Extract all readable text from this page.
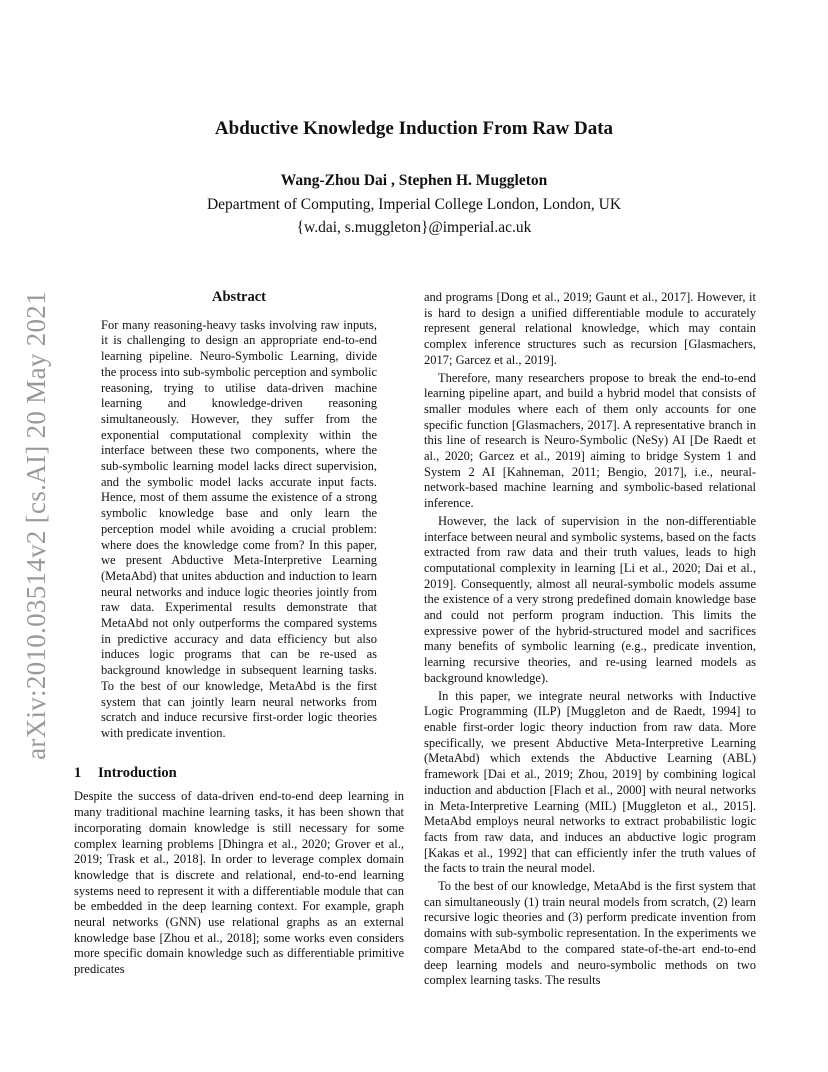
arXiv:2010.03514v2 [cs.AI] 20 May 2021
Abductive Knowledge Induction From Raw Data
Wang-Zhou Dai , Stephen H. Muggleton
Department of Computing, Imperial College London, London, UK
{w.dai, s.muggleton}@imperial.ac.uk
Abstract

For many reasoning-heavy tasks involving raw inputs, it is challenging to design an appropriate end-to-end learning pipeline. Neuro-Symbolic Learning, divide the process into sub-symbolic perception and symbolic reasoning, trying to utilise data-driven machine learning and knowledge-driven reasoning simultaneously. However, they suffer from the exponential computational complexity within the interface between these two components, where the sub-symbolic learning model lacks direct supervision, and the symbolic model lacks accurate input facts. Hence, most of them assume the existence of a strong symbolic knowledge base and only learn the perception model while avoiding a crucial problem: where does the knowledge come from? In this paper, we present Abductive Meta-Interpretive Learning (MetaAbd) that unites abduction and induction to learn neural networks and induce logic theories jointly from raw data. Experimental results demonstrate that MetaAbd not only outperforms the compared systems in predictive accuracy and data efficiency but also induces logic programs that can be re-used as background knowledge in subsequent learning tasks. To the best of our knowledge, MetaAbd is the first system that can jointly learn neural networks from scratch and induce recursive first-order logic theories with predicate invention.

1 Introduction

Despite the success of data-driven end-to-end deep learning in many traditional machine learning tasks, it has been shown that incorporating domain knowledge is still necessary for some complex learning problems [Dhingra et al., 2020; Grover et al., 2019; Trask et al., 2018]. In order to leverage complex domain knowledge that is discrete and relational, end-to-end learning systems need to represent it with a differentiable module that can be embedded in the deep learning context. For example, graph neural networks (GNN) use relational graphs as an external knowledge base [Zhou et al., 2018]; some works even considers more specific domain knowledge such as differentiable primitive predicates

and programs [Dong et al., 2019; Gaunt et al., 2017]. However, it is hard to design a unified differentiable module to accurately represent general relational knowledge, which may contain complex inference structures such as recursion [Glasmachers, 2017; Garcez et al., 2019].

Therefore, many researchers propose to break the end-to-end learning pipeline apart, and build a hybrid model that consists of smaller modules where each of them only accounts for one specific function [Glasmachers, 2017]. A representative branch in this line of research is Neuro-Symbolic (NeSy) AI [De Raedt et al., 2020; Garcez et al., 2019] aiming to bridge System 1 and System 2 AI [Kahneman, 2011; Bengio, 2017], i.e., neural-network-based machine learning and symbolic-based relational inference.

However, the lack of supervision in the non-differentiable interface between neural and symbolic systems, based on the facts extracted from raw data and their truth values, leads to high computational complexity in learning [Li et al., 2020; Dai et al., 2019]. Consequently, almost all neural-symbolic models assume the existence of a very strong predefined domain knowledge base and could not perform program induction. This limits the expressive power of the hybrid-structured model and sacrifices many benefits of symbolic learning (e.g., predicate invention, learning recursive theories, and re-using learned models as background knowledge).

In this paper, we integrate neural networks with Inductive Logic Programming (ILP) [Muggleton and de Raedt, 1994] to enable first-order logic theory induction from raw data. More specifically, we present Abductive Meta-Interpretive Learning (MetaAbd) which extends the Abductive Learning (ABL) framework [Dai et al., 2019; Zhou, 2019] by combining logical induction and abduction [Flach et al., 2000] with neural networks in Meta-Interpretive Learning (MIL) [Muggleton et al., 2015]. MetaAbd employs neural networks to extract probabilistic logic facts from raw data, and induces an abductive logic program [Kakas et al., 1992] that can efficiently infer the truth values of the facts to train the neural model.

To the best of our knowledge, MetaAbd is the first system that can simultaneously (1) train neural models from scratch, (2) learn recursive logic theories and (3) perform predicate invention from domains with sub-symbolic representation. In the experiments we compare MetaAbd to the compared state-of-the-art end-to-end deep learning models and neuro-symbolic methods on two complex learning tasks. The results
